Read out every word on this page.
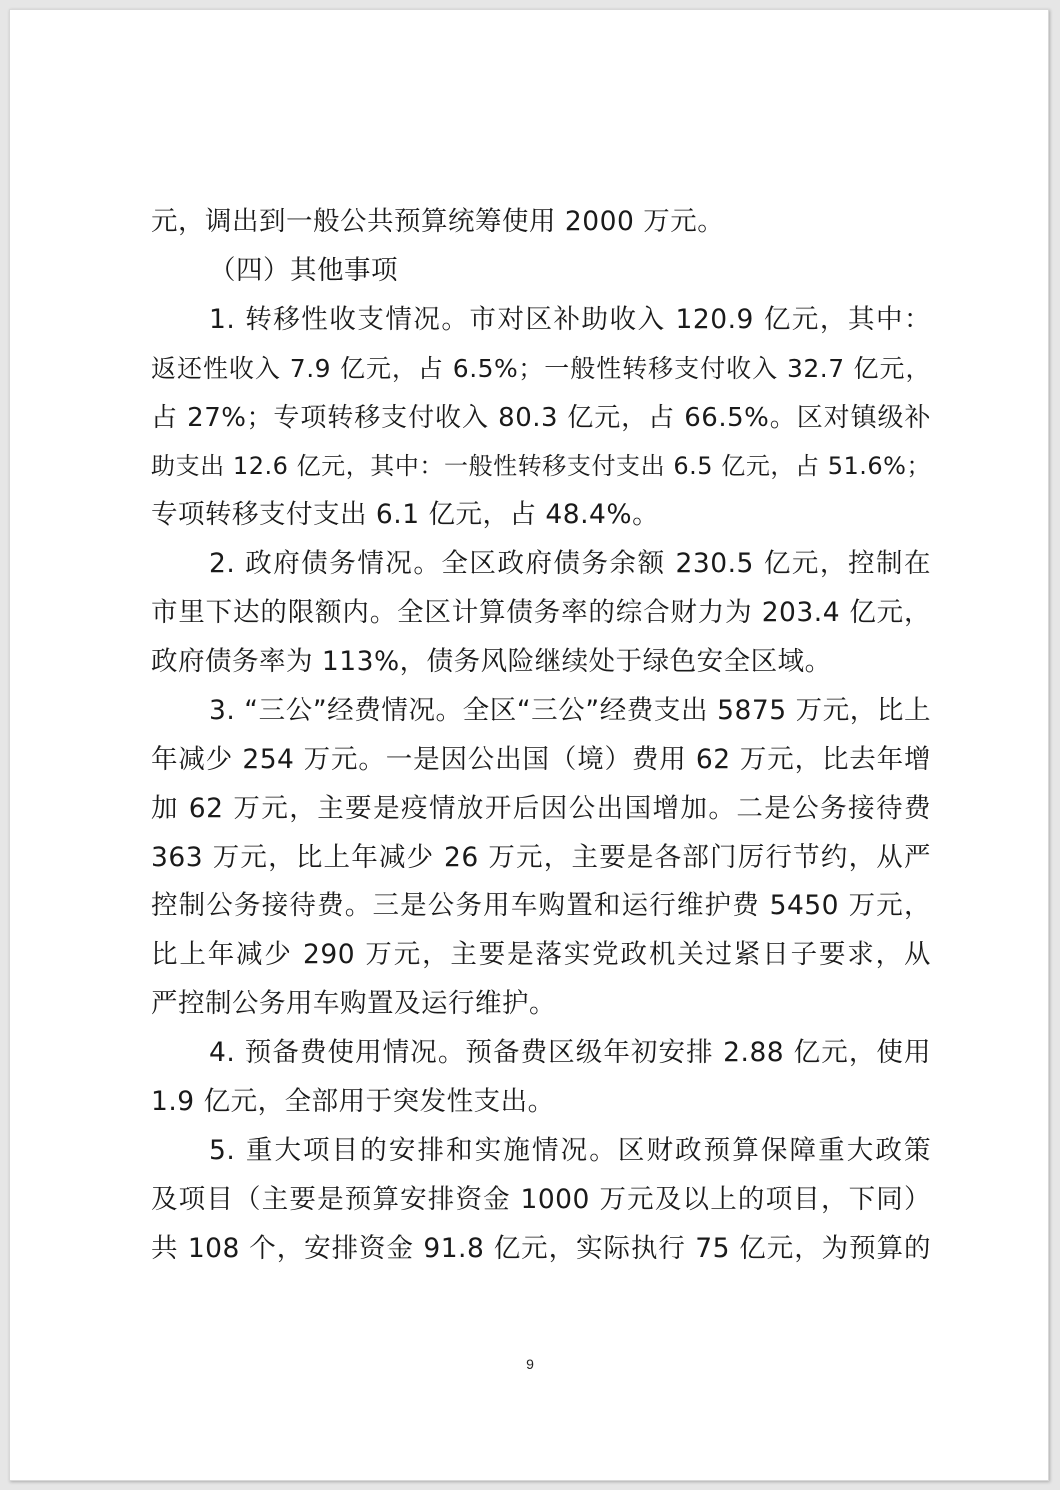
元，调出到一般公共预算统筹使用 2000 万元。
（四）其他事项
1. 转移性收支情况。市对区补助收入 120.9 亿元，其中：
返还性收入 7.9 亿元，占 6.5%；一般性转移支付收入 32.7 亿元，
占 27%；专项转移支付收入 80.3 亿元，占 66.5%。区对镇级补
助支出 12.6 亿元，其中：一般性转移支付支出 6.5 亿元，占 51.6%；
专项转移支付支出 6.1 亿元，占 48.4%。
2. 政府债务情况。全区政府债务余额 230.5 亿元，控制在
市里下达的限额内。全区计算债务率的综合财力为 203.4 亿元，
政府债务率为 113%，债务风险继续处于绿色安全区域。
3. “三公”经费情况。全区“三公”经费支出 5875 万元，比上
年减少 254 万元。一是因公出国（境）费用 62 万元，比去年增
加 62 万元，主要是疫情放开后因公出国增加。二是公务接待费
363 万元，比上年减少 26 万元，主要是各部门厉行节约，从严
控制公务接待费。三是公务用车购置和运行维护费 5450 万元，
比上年减少 290 万元，主要是落实党政机关过紧日子要求，从
严控制公务用车购置及运行维护。
4. 预备费使用情况。预备费区级年初安排 2.88 亿元，使用
1.9 亿元，全部用于突发性支出。
5. 重大项目的安排和实施情况。区财政预算保障重大政策
及项目（主要是预算安排资金 1000 万元及以上的项目，下同）
共 108 个，安排资金 91.8 亿元，实际执行 75 亿元，为预算的
9
